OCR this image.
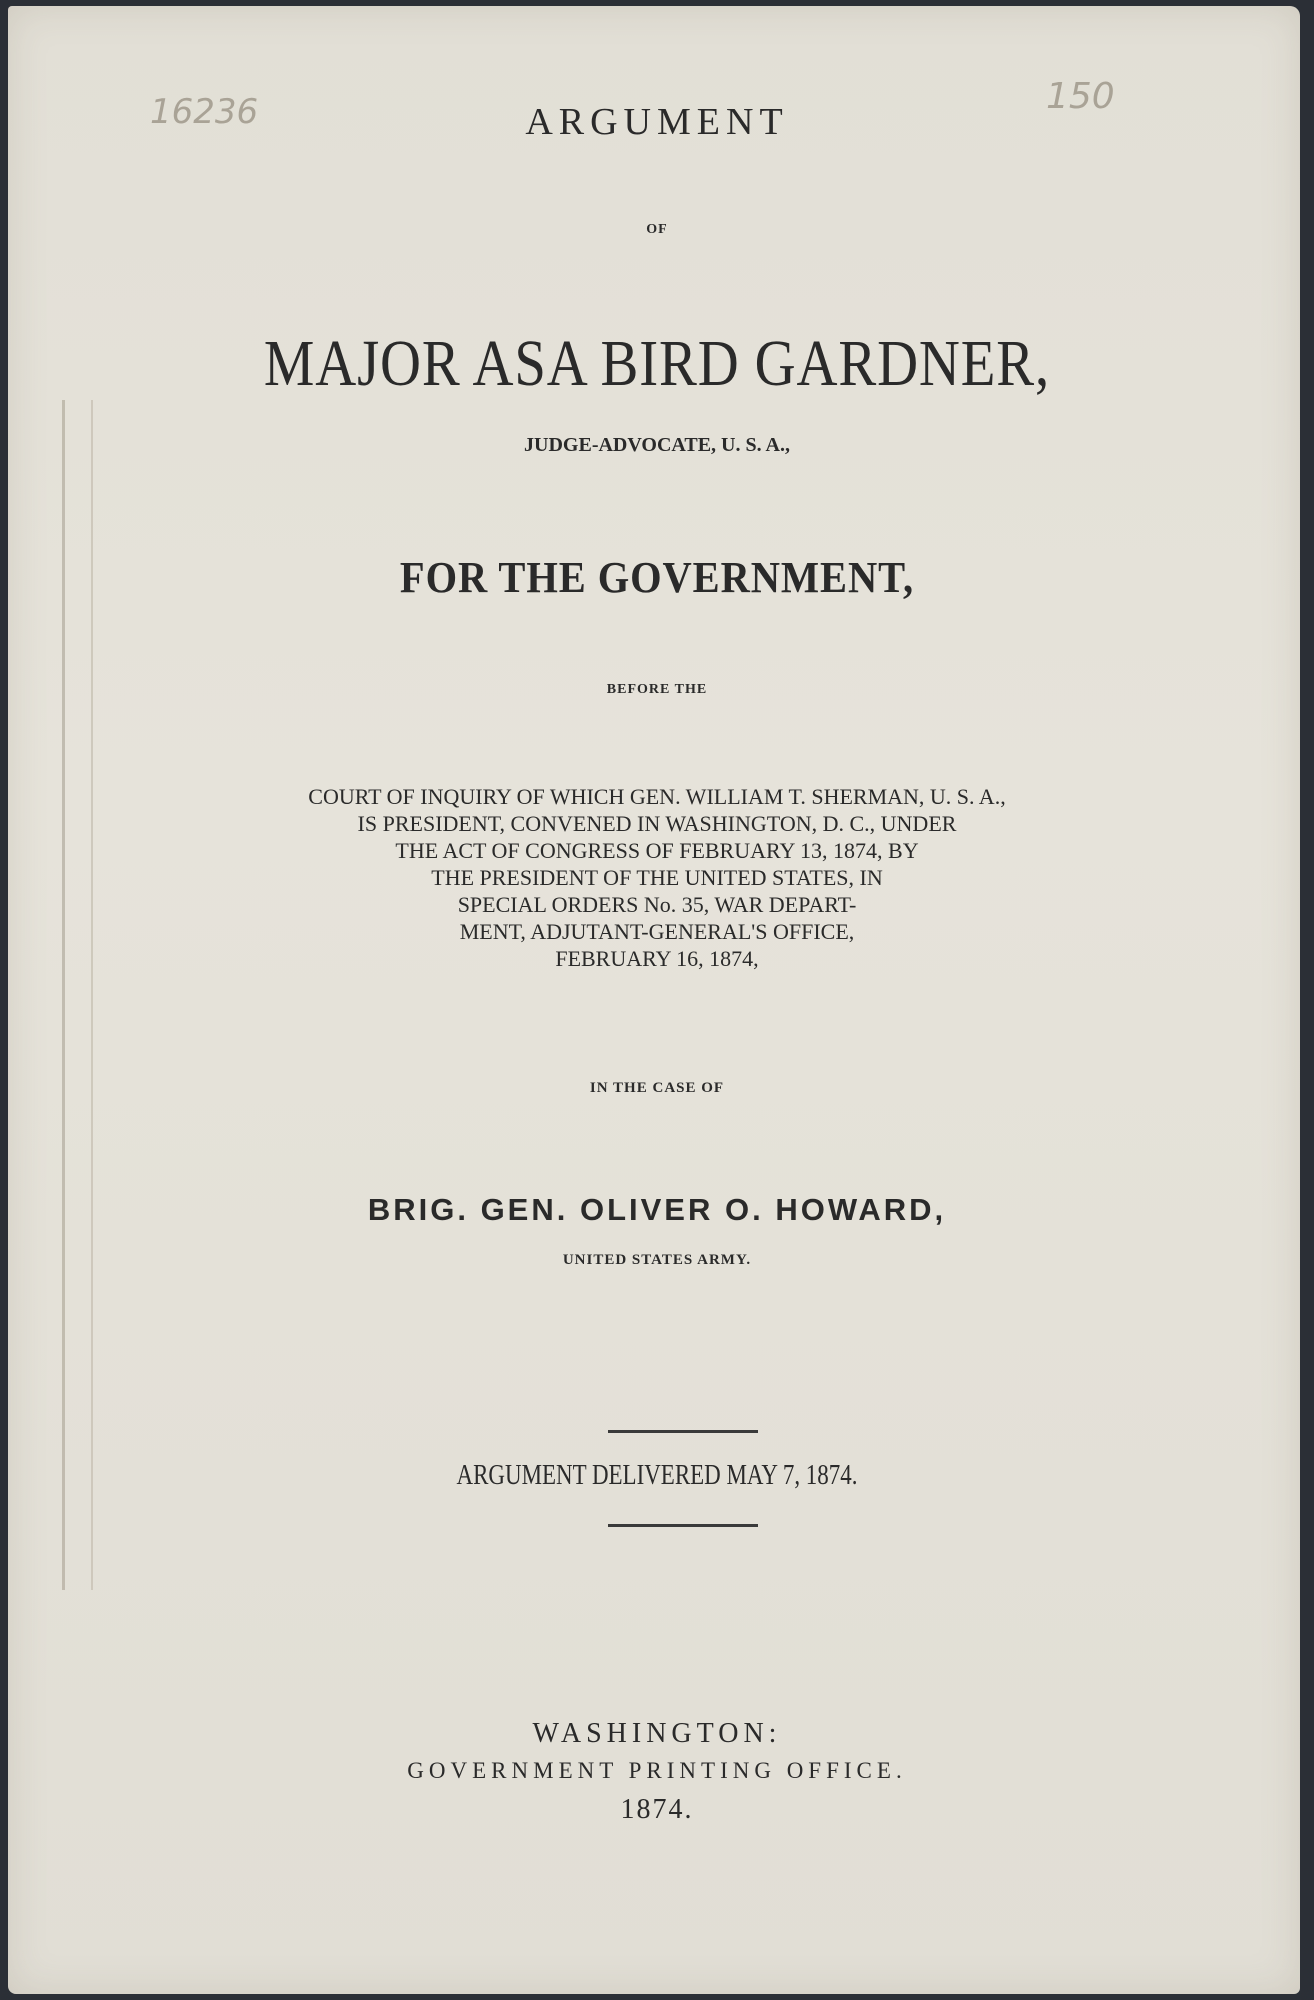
16236	150
ARGUMENT
OF
MAJOR ASA BIRD GARDNER,
JUDGE-ADVOCATE, U. S. A.,
FOR THE GOVERNMENT,
BEFORE THE
COURT OF INQUIRY OF WHICH GEN. WILLIAM T. SHERMAN, U. S. A.,
IS PRESIDENT, CONVENED IN WASHINGTON, D. C., UNDER
THE ACT OF CONGRESS OF FEBRUARY 13, 1874, BY
THE PRESIDENT OF THE UNITED STATES, IN
SPECIAL ORDERS No. 35, WAR DEPART-
MENT, ADJUTANT-GENERAL'S OFFICE,
FEBRUARY 16, 1874,
IN THE CASE OF
BRIG. GEN. OLIVER O. HOWARD,
UNITED STATES ARMY.
ARGUMENT DELIVERED MAY 7, 1874.
WASHINGTON:
GOVERNMENT PRINTING OFFICE.
1874.
